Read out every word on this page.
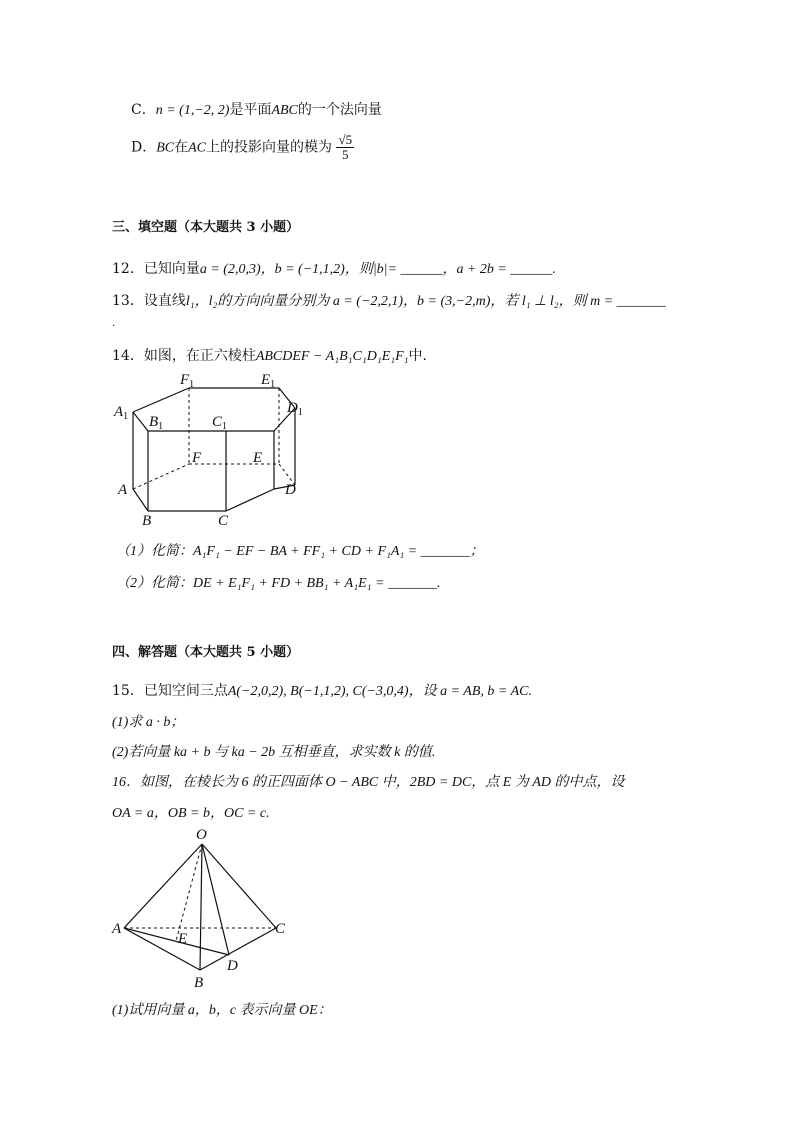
C．n = (1,−2, 2)是平面ABC的一个法向量
D．BC在AC上的投影向量的模为 $\frac{√5}{5}$
三、填空题（本大题共 3 小题）
12．已知向量a = (2,0,3)，b = (−1,1,2)，则|b|= ______，a + 2b = ______.
13．设直线l₁，l₂的方向向量分别为 a = (−2,2,1)，b = (3,−2,m)，若 l₁ ⊥ l₂，则 m = _______
.
14．如图，在正六棱柱ABCDEF − A₁B₁C₁D₁E₁F₁中.
$F_1$	$E_1$
$A_1$ $B_1$	$C_1$
$D_1$
F	E
A	D
B	C
（1）化简：A₁F₁ − EF − BA + FF₁ + CD + F₁A₁ = _______；
（2）化简：DE + E₁F₁ + FD + BB₁ + A₁E₁ = _______.
四、解答题（本大题共 5 小题）
15．已知空间三点A(−2,0,2), B(−1,1,2), C(−3,0,4)，设 a = AB, b = AC.
(1)求 a · b；
(2)若向量 ka + b 与 ka − 2b 互相垂直，求实数 k 的值.
16．如图，在棱长为 6 的正四面体 O − ABC 中，2BD = DC，点 E 为 AD 的中点，设
OA = a，OB = b，OC = c.
O
A	C
E
D
B
(1)试用向量 a，b，c 表示向量 OE：
